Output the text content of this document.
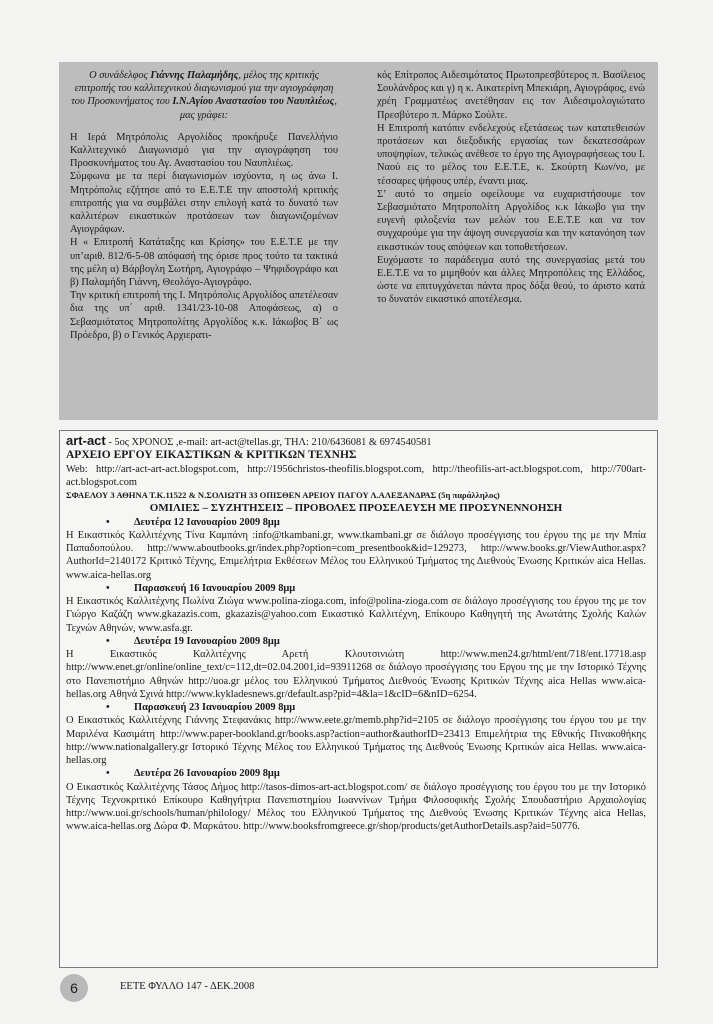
Ο συνάδελφος Γιάννης Παλαμήδης, μέλος της κριτικής επιτροπής του καλλιτεχνικού διαγωνισμού για την αγιογράφηση του Προσκυνήματος του Ι.Ν.Αγίου Αναστασίου του Ναυπλιέως, μας γράφει:

Η Ιερά Μητρόπολις Αργολίδος προκήρυξε Πανελλήνιο Καλλιτεχνικό Διαγωνισμό για την αγιογράφηση του Προσκυνήματος του Αγ. Αναστασίου του Ναυπλιέως.

Σύμφωνα με τα περί διαγωνισμών ισχύοντα, η ως άνω Ι. Μητρόπολις εζήτησε από το Ε.Ε.Τ.Ε την αποστολή κριτικής επιτροπής για να συμβάλει στην επιλογή κατά το δυνατό των καλλιτέρων εικαστικών προτάσεων των διαγωνιζομένων Αγιογράφων.

Η « Επιτροπή Κατάταξης και Κρίσης» του Ε.Ε.Τ.Ε με την υπ’αριθ. 812/6-5-08 απόφασή της όρισε προς τούτο τα τακτικά της μέλη α) Βάρβογλη Σωτήρη, Αγιογράφο – Ψηφιδογράφο και β) Παλαμήδη Γιάννη, Θεολόγο-Αγιογράφο.

Την κριτική επιτροπή της Ι. Μητρόπολις Αργολίδος απετέλεσαν δια της υπ΄ αριθ. 1341/23-10-08 Αποφάσεως, α) ο Σεβασμιότατος Μητροπολίτης Αργολίδος κ.κ. Ιάκωβος Β΄ ως Πρόεδρο, β) ο Γενικός Αρχιερατι-

κός Επίτροπος Αιδεσιμότατος Πρωτοπρεσβύτερος π. Βασίλειος Σουλάνδρος και γ) η κ. Αικατερίνη Μπεκιάρη, Αγιογράφος, ενώ χρέη Γραμματέως ανετέθησαν εις τον Αιδεσιμολογιώτατο Πρεσβύτερο π. Μάρκο Σούλτε.

Η Επιτροπή κατόπιν ενδελεχούς εξετάσεως των κατατεθεισών προτάσεων και διεξοδικής εργασίας των δεκατεσσάρων υποψηφίων, τελικώς ανέθεσε το έργο της Αγιογραφήσεως του Ι. Ναού εις το μέλος του Ε.Ε.Τ.Ε, κ. Σκούρτη Κων/νο, με τέσσαρες ψήφους υπέρ, έναντι μιας.

Σ’ αυτό το σημείο οφείλουμε να ευχαριστήσουμε τον Σεβασμιότατο Μητροπολίτη Αργολίδος κ.κ Ιάκωβο για την ευγενή φιλοξενία των μελών του Ε.Ε.Τ.Ε και να τον συγχαρούμε για την άψογη συνεργασία και την κατανόηση των εικαστικών τους απόψεων και τοποθετήσεων.

Ευχόμαστε το παράδειγμα αυτό της συνεργασίας μετά του Ε.Ε.Τ.Ε να το μιμηθούν και άλλες Μητροπόλεις της Ελλάδος, ώστε να επιτυγχάνεται πάντα προς δόξα θεού, το άριστο κατά το δυνατόν εικαστικό αποτέλεσμα.

art-act - 5ος ΧΡΟΝΟΣ ,e-mail: art-act@tellas.gr, ΤΗΛ: 210/6436081 & 6974540581

ΑΡΧΕΙΟ ΕΡΓΟΥ ΕΙΚΑΣΤΙΚΩΝ & ΚΡΙΤΙΚΩΝ ΤΕΧΝΗΣ

Web: http://art-act-art-act.blogspot.com, http://1956christos-theofilis.blogspot.com, http://theofilis-art-act.blogspot.com, http://700art-act.blogspot.com

ΣΦΑΕΛΟΥ 3 ΑΘΗΝΑ Τ.Κ.11522 & Ν.ΣΟΛΙΩΤΗ 33 ΟΠΙΣΘΕΝ ΑΡΕΙΟΥ ΠΑΓΟΥ Λ.ΑΛΕΞΑΝΔΡΑΣ (5η παράλληλος)

ΟΜΙΛΙΕΣ – ΣΥΖΗΤΗΣΕΙΣ – ΠΡΟΒΟΛΕΣ ΠΡΟΣΕΛΕΥΣΗ ΜΕ ΠΡΟΣΥΝΕΝΝΟΗΣΗ

• Δευτέρα 12 Ιανουαρίου 2009 8μμ

Η Εικαστικός Καλλιτέχνης Τίνα Καμπάνη :info@tkambani.gr, www.tkambani.gr σε διάλογο προσέγγισης του έργου της με την Μπία Παπαδοπούλου. http://www.aboutbooks.gr/index.php?option=com_presentbook&id=129273, http://www.books.gr/ViewAuthor.aspx?AuthorId=2140172 Κριτικό Τέχνης, Επιμελήτρια Εκθέσεων Μέλος του Ελληνικού Τμήματος της Διεθνούς Ένωσης Κριτικών aica Hellas. www.aica-hellas.org

• Παρασκευή 16 Ιανουαρίου 2009 8μμ

Η Εικαστικός Καλλιτέχνης Πωλίνα Ζιώγα www.polina-zioga.com, info@polina-zioga.com σε διάλογο προσέγγισης του έργου της με τον Γιώργο Καζάζη www.gkazazis.com, gkazazis@yahoo.com Εικαστικό Καλλιτέχνη, Επίκουρο Καθηγητή της Ανωτάτης Σχολής Καλών Τεχνών Αθηνών, www.asfa.gr.

• Δευτέρα 19 Ιανουαρίου 2009 8μμ

Η Εικαστικός Καλλιτέχνης Αρετή Κλουτσινιώτη http://www.men24.gr/html/ent/718/ent.17718.asp http://www.enet.gr/online/online_text/c=112,dt=02.04.2001,id=93911268 σε διάλογο προσέγγισης του Εργου της με την Ιστορικό Τέχνης στο Πανεπιστήμιο Αθηνών http://uoa.gr μέλος του Ελληνικού Τμήματος Διεθνούς Ένωσης Κριτικών Τέχνης aica Hellas www.aica-hellas.org Αθηνά Σχινά http://www.kykladesnews.gr/default.asp?pid=4&la=1&cID=6&nID=6254.

• Παρασκευή 23 Ιανουαρίου 2009 8μμ

Ο Εικαστικός Καλλιτέχνης Γιάννης Στεφανάκις http://www.eete.gr/memb.php?id=2105 σε διάλογο προσέγγισης του έργου του με την Μαριλένα Κασιμάτη http://www.paper-bookland.gr/books.asp?action=author&authorID=23413 Επιμελήτρια της Εθνικής Πινακοθήκης http://www.nationalgallery.gr Ιστορικό Τέχνης Μέλος του Ελληνικού Τμήματος της Διεθνούς Ένωσης Κριτικών aica Hellas. www.aica-hellas.org

• Δευτέρα 26 Ιανουαρίου 2009 8μμ

Ο Εικαστικός Καλλιτέχνης Τάσος Δήμος http://tasos-dimos-art-act.blogspot.com/ σε διάλογο προσέγγισης του έργου του με την Ιστορικό Τέχνης Τεχνοκριτικό Επίκουρο Καθηγήτρια Πανεπιστημίου Ιωαννίνων Τμήμα Φιλοσοφικής Σχολής Σπουδαστήριο Αρχαιολογίας http://www.uoi.gr/schools/human/philology/ Μέλος του Ελληνικού Τμήματος της Διεθνούς Ένωσης Κριτικών Τέχνης aica Hellas, www.aica-hellas.org Δώρα Φ. Μαρκάτου. http://www.booksfromgreece.gr/shop/products/getAuthorDetails.asp?aid=50776.

6	ΕΕΤΕ ΦΥΛΛΟ 147 - ΔΕΚ.2008
